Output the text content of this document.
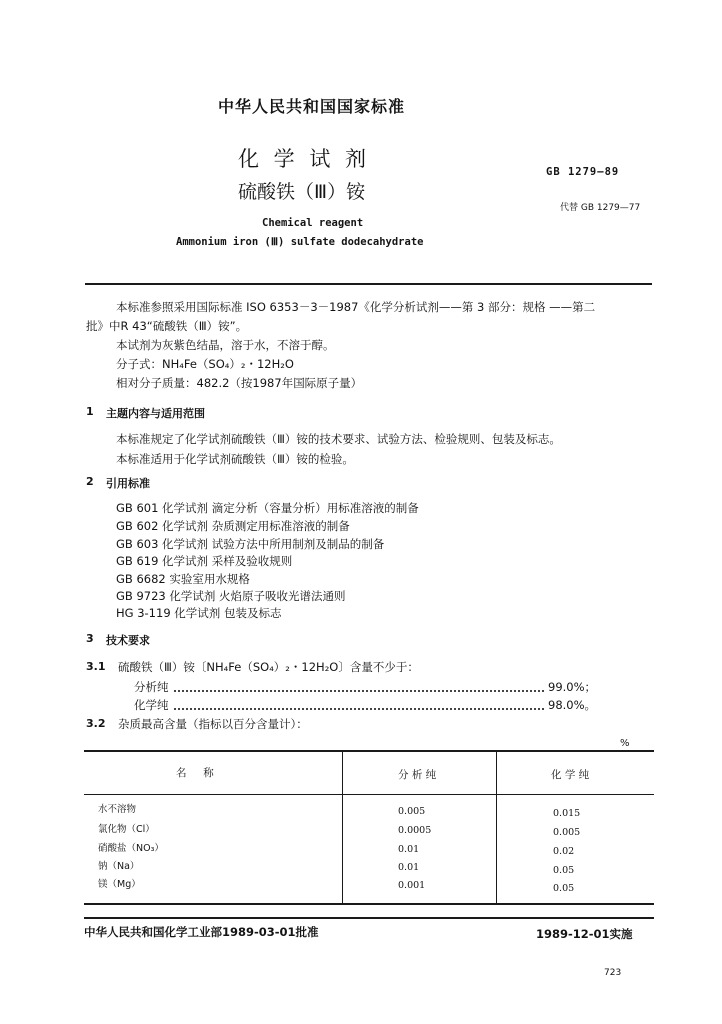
中华人民共和国国家标准
化 学 试 剂
硫酸铁（Ⅲ）铵
GB 1279—89
代替 GB 1279—77
Chemical reagent
Ammonium iron (Ⅲ) sulfate dodecahydrate
本标准参照采用国际标准 ISO 6353－3－1987《化学分析试剂——第 3 部分：规格 ——第二
批》中R 43“硫酸铁（Ⅲ）铵”。
本试剂为灰紫色结晶，溶于水，不溶于醇。
分子式：NH₄Fe（SO₄）₂・12H₂O
相对分子质量：482.2（按1987年国际原子量）
1 主题内容与适用范围
本标准规定了化学试剂硫酸铁（Ⅲ）铵的技术要求、试验方法、检验规则、包装及标志。
本标准适用于化学试剂硫酸铁（Ⅲ）铵的检验。
2 引用标准
GB 601 化学试剂 滴定分析（容量分析）用标准溶液的制备
GB 602 化学试剂 杂质测定用标准溶液的制备
GB 603 化学试剂 试验方法中所用制剂及制品的制备
GB 619 化学试剂 采样及验收规则
GB 6682 实验室用水规格
GB 9723 化学试剂 火焰原子吸收光谱法通则
HG 3-119 化学试剂 包装及标志
3 技术要求
3.1 硫酸铁（Ⅲ）铵〔NH₄Fe（SO₄）₂・12H₂O〕含量不少于：
分析纯	99.0%；
化学纯	98.0%。
3.2 杂质最高含量（指标以百分含量计）：
%
名     称	分 析 纯	化 学 纯
水不溶物	0.005	0.015
氯化物（Cl）	0.0005	0.005
硝酸盐（NO₃）	0.01	0.02
钠（Na）	0.01	0.05
镁（Mg）	0.001	0.05
中华人民共和国化学工业部1989-03-01批准	1989-12-01实施
723
